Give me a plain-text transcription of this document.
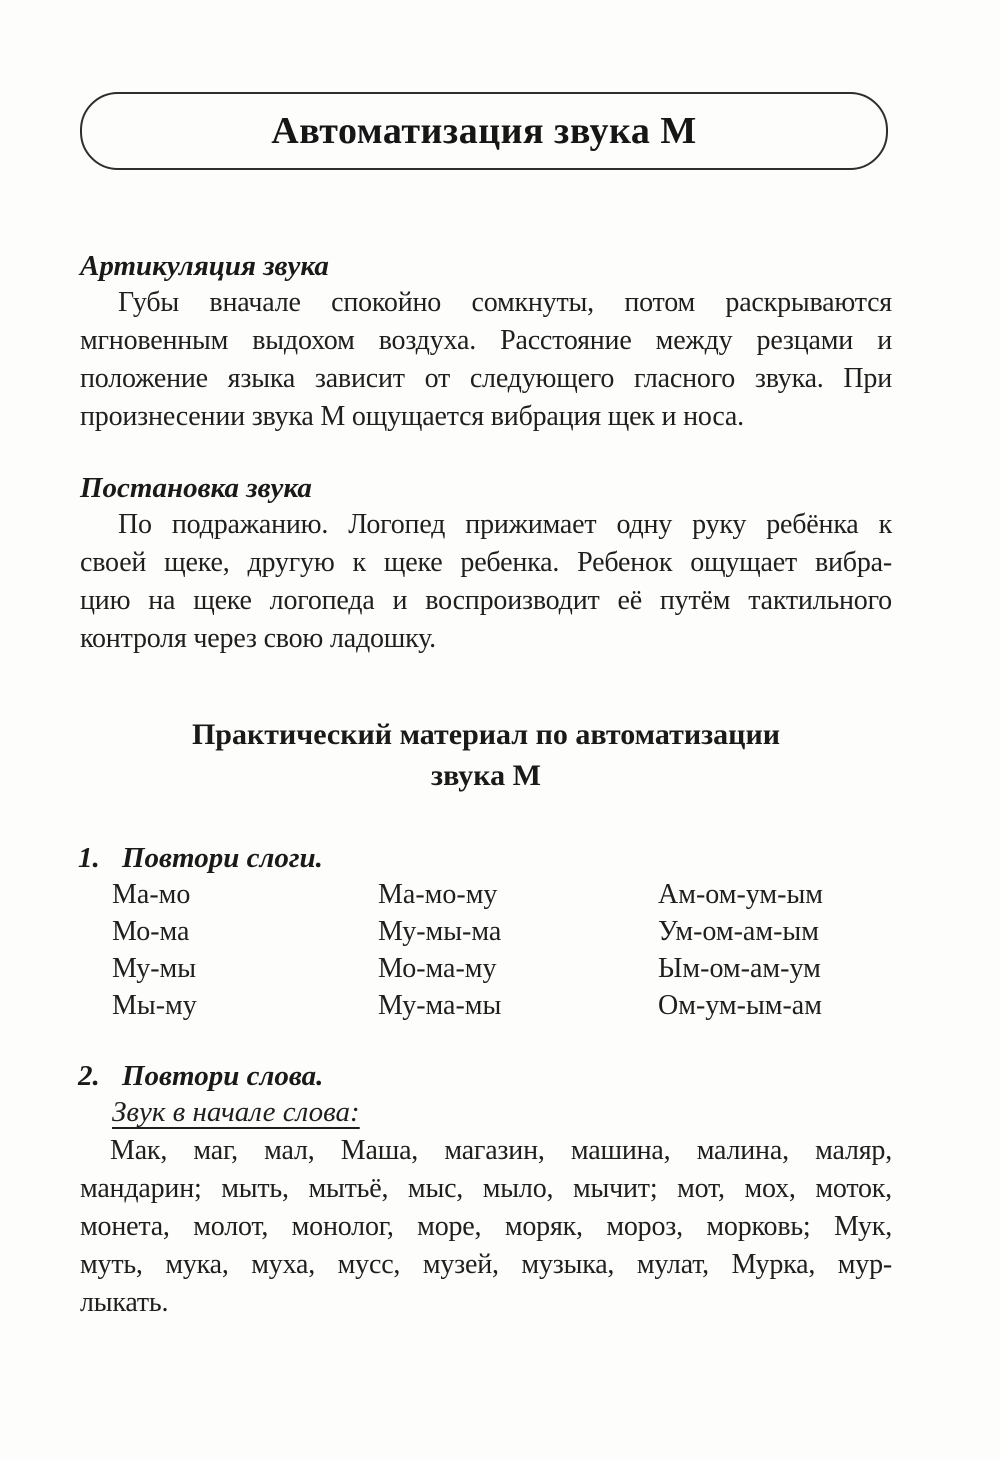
Автоматизация звука М
Артикуляция звука
Губы вначале спокойно сомкнуты, потом раскрываются
мгновенным выдохом воздуха. Расстояние между резцами и
положение языка зависит от следующего гласного звука. При
произнесении звука М ощущается вибрация щек и носа.
Постановка звука
По подражанию. Логопед прижимает одну руку ребёнка к
своей щеке, другую к щеке ребенка. Ребенок ощущает вибра-
цию на щеке логопеда и воспроизводит её путём тактильного
контроля через свою ладошку.
Практический материал по автоматизации
звука М
1. Повтори слоги.
Ма-мо
Мо-ма
Му-мы
Мы-му
Ма-мо-му
Му-мы-ма
Мо-ма-му
Му-ма-мы
Ам-ом-ум-ым
Ум-ом-ам-ым
Ым-ом-ам-ум
Ом-ум-ым-ам
2. Повтори слова.
Звук в начале слова:
Мак, маг, мал, Маша, магазин, машина, малина, маляр,
мандарин; мыть, мытьё, мыс, мыло, мычит; мот, мох, моток,
монета, молот, монолог, море, моряк, мороз, морковь; Мук,
муть, мука, муха, мусс, музей, музыка, мулат, Мурка, мур-
лыкать.
